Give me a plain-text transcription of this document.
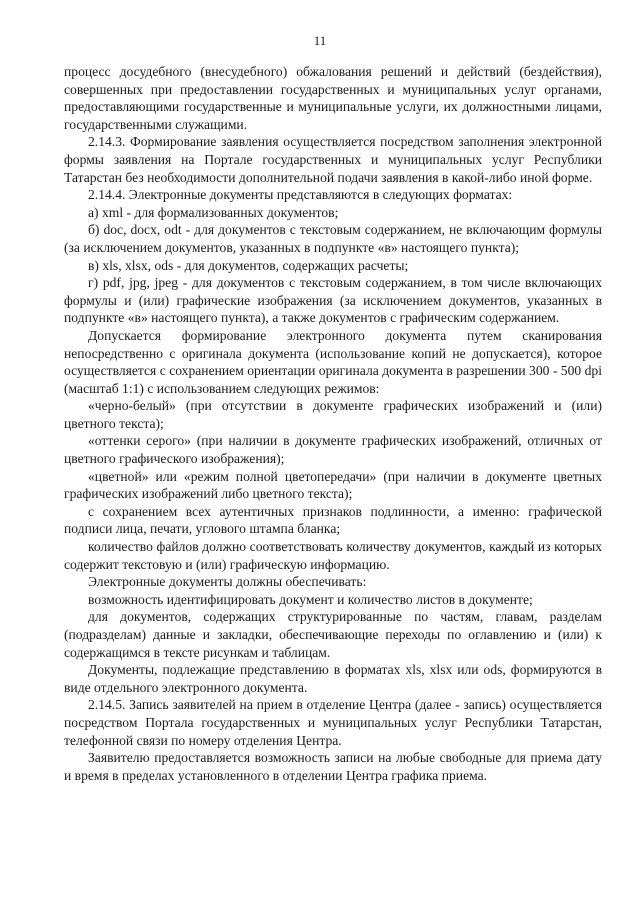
11

процесс досудебного (внесудебного) обжалования решений и действий (бездействия), совершенных при предоставлении государственных и муниципальных услуг органами, предоставляющими государственные и муниципальные услуги, их должностными лицами, государственными служащими.

2.14.3. Формирование заявления осуществляется посредством заполнения электронной формы заявления на Портале государственных и муниципальных услуг Республики Татарстан без необходимости дополнительной подачи заявления в какой-либо иной форме.

2.14.4. Электронные документы представляются в следующих форматах:

а) xml - для формализованных документов;

б) doc, docx, odt - для документов с текстовым содержанием, не включающим формулы (за исключением документов, указанных в подпункте «в» настоящего пункта);

в) xls, xlsx, ods - для документов, содержащих расчеты;

г) pdf, jpg, jpeg - для документов с текстовым содержанием, в том числе включающих формулы и (или) графические изображения (за исключением документов, указанных в подпункте «в» настоящего пункта), а также документов с графическим содержанием.

Допускается формирование электронного документа путем сканирования непосредственно с оригинала документа (использование копий не допускается), которое осуществляется с сохранением ориентации оригинала документа в разрешении 300 - 500 dpi (масштаб 1:1) с использованием следующих режимов:

«черно-белый» (при отсутствии в документе графических изображений и (или) цветного текста);

«оттенки серого» (при наличии в документе графических изображений, отличных от цветного графического изображения);

«цветной» или «режим полной цветопередачи» (при наличии в документе цветных графических изображений либо цветного текста);

с сохранением всех аутентичных признаков подлинности, а именно: графической подписи лица, печати, углового штампа бланка;

количество файлов должно соответствовать количеству документов, каждый из которых содержит текстовую и (или) графическую информацию.

Электронные документы должны обеспечивать:

возможность идентифицировать документ и количество листов в документе;

для документов, содержащих структурированные по частям, главам, разделам (подразделам) данные и закладки, обеспечивающие переходы по оглавлению и (или) к содержащимся в тексте рисункам и таблицам.

Документы, подлежащие представлению в форматах xls, xlsx или ods, формируются в виде отдельного электронного документа.

2.14.5. Запись заявителей на прием в отделение Центра (далее - запись) осуществляется посредством Портала государственных и муниципальных услуг Республики Татарстан, телефонной связи по номеру отделения Центра.

Заявителю предоставляется возможность записи на любые свободные для приема дату и время в пределах установленного в отделении Центра графика приема.
